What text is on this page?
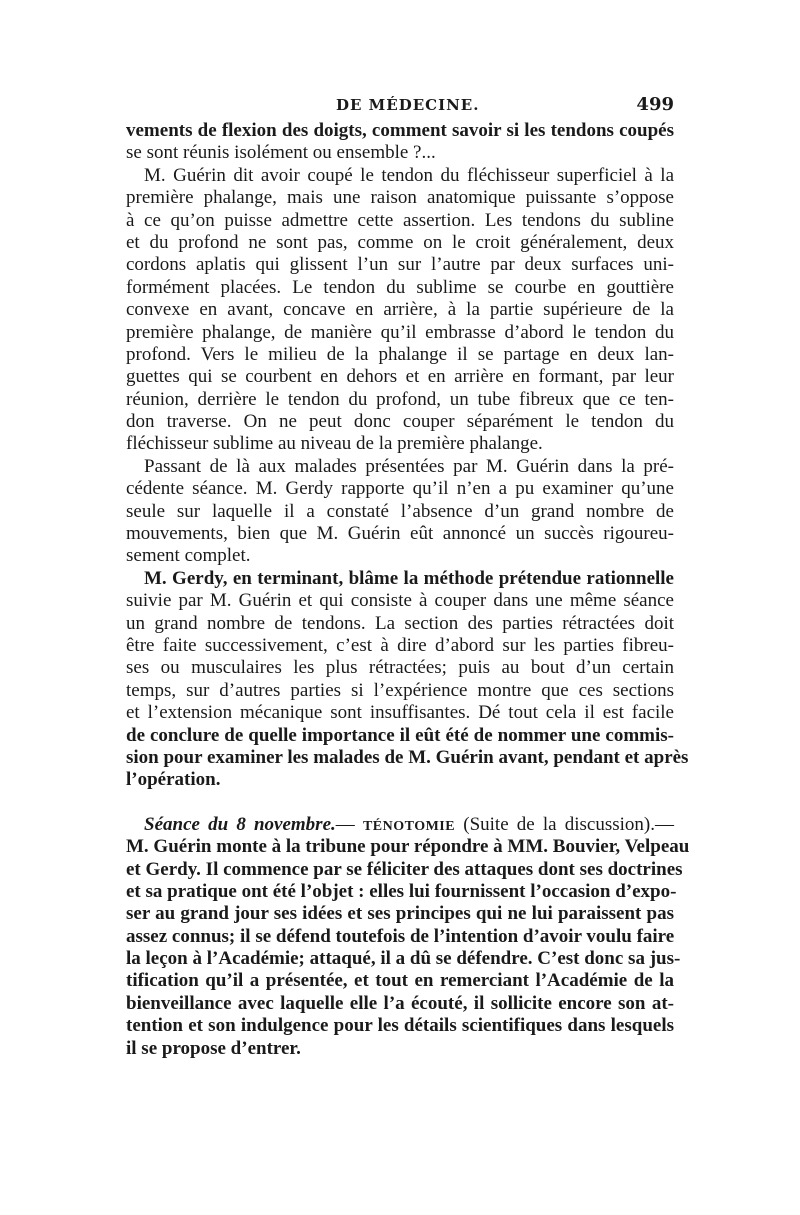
DE MÉDECINE.	499
vements de flexion des doigts, comment savoir si les tendons coupés
se sont réunis isolément ou ensemble ?...
M. Guérin dit avoir coupé le tendon du fléchisseur superficiel à la
première phalange, mais une raison anatomique puissante s’oppose
à ce qu’on puisse admettre cette assertion. Les tendons du subline
et du profond ne sont pas, comme on le croit généralement, deux
cordons aplatis qui glissent l’un sur l’autre par deux surfaces uni-
formément placées. Le tendon du sublime se courbe en gouttière
convexe en avant, concave en arrière, à la partie supérieure de la
première phalange, de manière qu’il embrasse d’abord le tendon du
profond. Vers le milieu de la phalange il se partage en deux lan-
guettes qui se courbent en dehors et en arrière en formant, par leur
réunion, derrière le tendon du profond, un tube fibreux que ce ten-
don traverse. On ne peut donc couper séparément le tendon du
fléchisseur sublime au niveau de la première phalange.
Passant de là aux malades présentées par M. Guérin dans la pré-
cédente séance. M. Gerdy rapporte qu’il n’en a pu examiner qu’une
seule sur laquelle il a constaté l’absence d’un grand nombre de
mouvements, bien que M. Guérin eût annoncé un succès rigoureu-
sement complet.
M. Gerdy, en terminant, blâme la méthode prétendue rationnelle
suivie par M. Guérin et qui consiste à couper dans une même séance
un grand nombre de tendons. La section des parties rétractées doit
être faite successivement, c’est à dire d’abord sur les parties fibreu-
ses ou musculaires les plus rétractées; puis au bout d’un certain
temps, sur d’autres parties si l’expérience montre que ces sections
et l’extension mécanique sont insuffisantes. Dé tout cela il est facile
de conclure de quelle importance il eût été de nommer une commis-
sion pour examiner les malades de M. Guérin avant, pendant et après
l’opération.
Séance du 8 novembre.— TÉNOTOMIE (Suite de la discussion).—
M. Guérin monte à la tribune pour répondre à MM. Bouvier, Velpeau
et Gerdy. Il commence par se féliciter des attaques dont ses doctrines
et sa pratique ont été l’objet : elles lui fournissent l’occasion d’expo-
ser au grand jour ses idées et ses principes qui ne lui paraissent pas
assez connus; il se défend toutefois de l’intention d’avoir voulu faire
la leçon à l’Académie; attaqué, il a dû se défendre. C’est donc sa jus-
tification qu’il a présentée, et tout en remerciant l’Académie de la
bienveillance avec laquelle elle l’a écouté, il sollicite encore son at-
tention et son indulgence pour les détails scientifiques dans lesquels
il se propose d’entrer.
